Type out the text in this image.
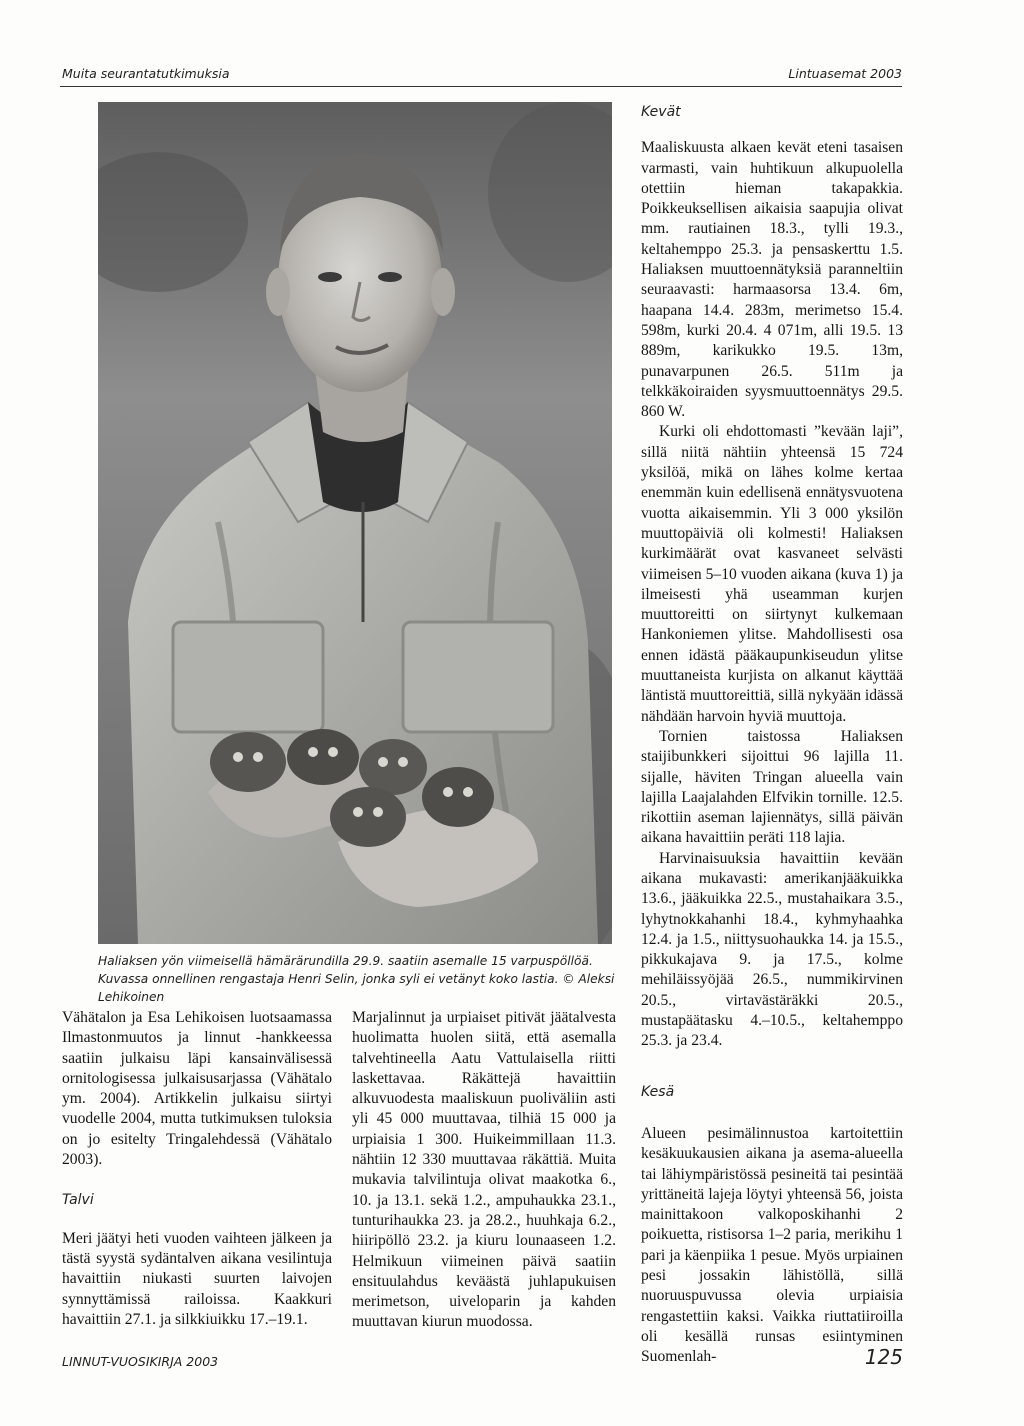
Muita seurantatutkimuksia	Lintuasemat 2003
Haliaksen yön viimeisellä hämärärundilla 29.9. saatiin asemalle 15 varpuspöllöä. Kuvassa onnellinen rengastaja Henri Selin, jonka syli ei vetänyt koko lastia. © Aleksi Lehikoinen

Vähätalon ja Esa Lehikoisen luotsaamassa Ilmastonmuutos ja linnut -hankkeessa saatiin julkaisu läpi kansainvälisessä ornitologisessa julkaisusarjassa (Vähätalo ym. 2004). Artikkelin julkaisu siirtyi vuodelle 2004, mutta tutkimuksen tuloksia on jo esitelty Tringalehdessä (Vähätalo 2003).

Talvi

Meri jäätyi heti vuoden vaihteen jälkeen ja tästä syystä sydäntalven aikana vesilintuja havaittiin niukasti suurten laivojen synnyttämissä railoissa. Kaakkuri havaittiin 27.1. ja silkkiuikku 17.–19.1.

Marjalinnut ja urpiaiset pitivät jäätalvesta huolimatta huolen siitä, että asemalla talvehtineella Aatu Vattulaisella riitti laskettavaa. Räkättejä havaittiin alkuvuodesta maaliskuun puoliväliin asti yli 45 000 muuttavaa, tilhiä 15 000 ja urpiaisia 1 300. Huikeimmillaan 11.3. nähtiin 12 330 muuttavaa räkättiä. Muita mukavia talvilintuja olivat maakotka 6., 10. ja 13.1. sekä 1.2., ampuhaukka 23.1., tunturihaukka 23. ja 28.2., huuhkaja 6.2., hiiripöllö 23.2. ja kiuru lounaaseen 1.2. Helmikuun viimeinen päivä saatiin ensituulahdus keväästä juhlapukuisen merimetson, uiveloparin ja kahden muuttavan kiurun muodossa.

Kevät

Maaliskuusta alkaen kevät eteni tasaisen varmasti, vain huhtikuun alkupuolella otettiin hieman takapakkia. Poikkeuksellisen aikaisia saapujia olivat mm. rautiainen 18.3., tylli 19.3., keltahemppo 25.3. ja pensaskerttu 1.5. Haliaksen muuttoennätyksiä paranneltiin seuraavasti: harmaasorsa 13.4. 6m, haapana 14.4. 283m, merimetso 15.4. 598m, kurki 20.4. 4 071m, alli 19.5. 13 889m, karikukko 19.5. 13m, punavarpunen 26.5. 511m ja telkkäkoiraiden syysmuuttoennätys 29.5. 860 W.

Kurki oli ehdottomasti ”kevään laji”, sillä niitä nähtiin yhteensä 15 724 yksilöä, mikä on lähes kolme kertaa enemmän kuin edellisenä ennätysvuotena vuotta aikaisemmin. Yli 3 000 yksilön muuttopäiviä oli kolmesti! Haliaksen kurkimäärät ovat kasvaneet selvästi viimeisen 5–10 vuoden aikana (kuva 1) ja ilmeisesti yhä useamman kurjen muuttoreitti on siirtynyt kulkemaan Hankoniemen ylitse. Mahdollisesti osa ennen idästä pääkaupunkiseudun ylitse muuttaneista kurjista on alkanut käyttää läntistä muuttoreittiä, sillä nykyään idässä nähdään harvoin hyviä muuttoja.

Tornien taistossa Haliaksen staijibunkkeri sijoittui 96 lajilla 11. sijalle, häviten Tringan alueella vain lajilla Laajalahden Elfvikin tornille. 12.5. rikottiin aseman lajiennätys, sillä päivän aikana havaittiin peräti 118 lajia.

Harvinaisuuksia havaittiin kevään aikana mukavasti: amerikanjääkuikka 13.6., jääkuikka 22.5., mustahaikara 3.5., lyhytnokkahanhi 18.4., kyhmyhaahka 12.4. ja 1.5., niittysuohaukka 14. ja 15.5., pikkukajava 9. ja 17.5., kolme mehiläissyöjää 26.5., nummikirvinen 20.5., virtavästäräkki 20.5., mustapäätasku 4.–10.5., keltahemppo 25.3. ja 23.4.

Kesä

Alueen pesimälinnustoa kartoitettiin kesäkuukausien aikana ja asema-alueella tai lähiympäristössä pesineitä tai pesintää yrittäneitä lajeja löytyi yhteensä 56, joista mainittakoon valkoposkihanhi 2 poikuetta, ristisorsa 1–2 paria, merikihu 1 pari ja käenpiika 1 pesue. Myös urpiainen pesi jossakin lähistöllä, sillä nuoruuspuvussa olevia urpiaisia rengastettiin kaksi. Vaikka riuttatiiroilla oli kesällä runsas esiintyminen Suomenlah-

LINNUT-VUOSIKIRJA 2003	125
